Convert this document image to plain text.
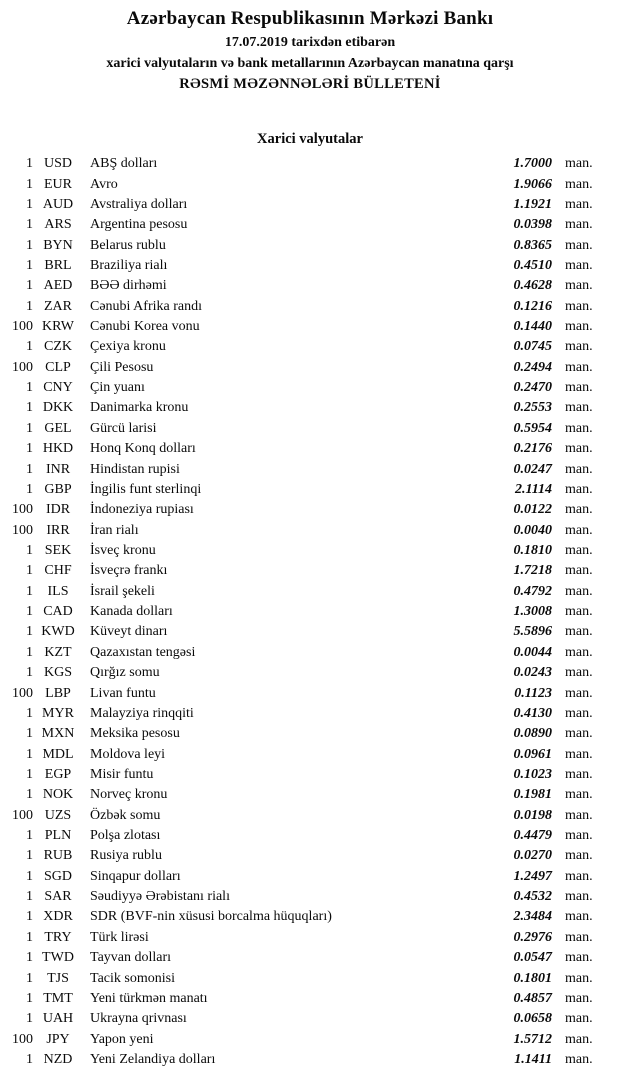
Azərbaycan Respublikasının Mərkəzi Bankı
17.07.2019 tarixdən etibarən
xarici valyutaların və bank metallarının Azərbaycan manatına qarşı
RƏSMİ MƏZƏNNƏLƏRİ BÜLLETENİ
Xarici valyutalar
1 USD	ABŞ dolları	1.7000 man.
1 EUR	Avro	1.9066 man.
1 AUD	Avstraliya dolları	1.1921 man.
1 ARS	Argentina pesosu	0.0398 man.
1 BYN	Belarus rublu	0.8365 man.
1 BRL	Braziliya rialı	0.4510 man.
1 AED	BƏƏ dirhəmi	0.4628 man.
1 ZAR	Cənubi Afrika randı	0.1216 man.
100 KRW	Cənubi Korea vonu	0.1440 man.
1 CZK	Çexiya kronu	0.0745 man.
100 CLP	Çili Pesosu	0.2494 man.
1 CNY	Çin yuanı	0.2470 man.
1 DKK	Danimarka kronu	0.2553 man.
1 GEL	Gürcü larisi	0.5954 man.
1 HKD	Honq Konq dolları	0.2176 man.
1 INR	Hindistan rupisi	0.0247 man.
1 GBP	İngilis funt sterlinqi	2.1114 man.
100 IDR	İndoneziya rupiası	0.0122 man.
100 IRR	İran rialı	0.0040 man.
1 SEK	İsveç kronu	0.1810 man.
1 CHF	İsveçrə frankı	1.7218 man.
1	ILS	İsrail şekeli	0.4792 man.
1 CAD	Kanada dolları	1.3008 man.
1 KWD	Küveyt dinarı	5.5896 man.
1 KZT	Qazaxıstan tengəsi	0.0044 man.
1 KGS	Qırğız somu	0.0243 man.
100 LBP	Livan funtu	0.1123 man.
1 MYR	Malayziya rinqqiti	0.4130 man.
1 MXN	Meksika pesosu	0.0890 man.
1 MDL	Moldova leyi	0.0961 man.
1 EGP	Misir funtu	0.1023 man.
1 NOK	Norveç kronu	0.1981 man.
100 UZS	Özbək somu	0.0198 man.
1 PLN	Polşa zlotası	0.4479 man.
1 RUB	Rusiya rublu	0.0270 man.
1 SGD	Sinqapur dolları	1.2497 man.
1 SAR	Səudiyyə Ərəbistanı rialı	0.4532 man.
1 XDR	SDR (BVF-nin xüsusi borcalma hüquqları)	2.3484 man.
1 TRY	Türk lirəsi	0.2976 man.
1 TWD	Tayvan dolları	0.0547 man.
1	TJS	Tacik somonisi	0.1801 man.
1 TMT	Yeni türkmən manatı	0.4857 man.
1 UAH	Ukrayna qrivnası	0.0658 man.
100 JPY	Yapon yeni	1.5712 man.
1 NZD	Yeni Zelandiya dolları	1.1411 man.
